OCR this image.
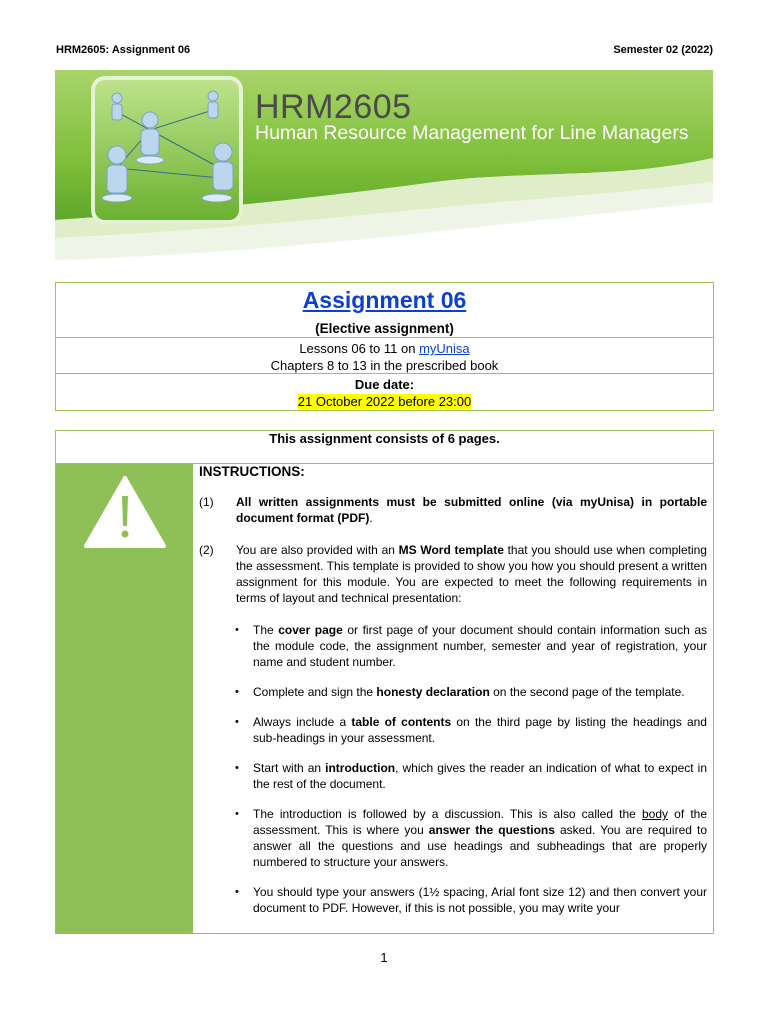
HRM2605: Assignment 06	Semester 02 (2022)
HRM2605
Human Resource Management for Line Managers
Assignment 06
(Elective assignment)
Lessons 06 to 11 on myUnisa
Chapters 8 to 13 in the prescribed book
Due date:
21 October 2022 before 23:00
This assignment consists of 6 pages.
INSTRUCTIONS:
(1) All written assignments must be submitted online (via myUnisa) in portable document format (PDF).
(2) You are also provided with an MS Word template that you should use when completing the assessment. This template is provided to show you how you should present a written assignment for this module. You are expected to meet the following requirements in terms of layout and technical presentation:
• The cover page or first page of your document should contain information such as the module code, the assignment number, semester and year of registration, your name and student number.
• Complete and sign the honesty declaration on the second page of the template.
• Always include a table of contents on the third page by listing the headings and sub-headings in your assessment.
• Start with an introduction, which gives the reader an indication of what to expect in the rest of the document.
• The introduction is followed by a discussion. This is also called the body of the assessment. This is where you answer the questions asked. You are required to answer all the questions and use headings and subheadings that are properly numbered to structure your answers.
• You should type your answers (1½ spacing, Arial font size 12) and then convert your document to PDF. However, if this is not possible, you may write your
1
